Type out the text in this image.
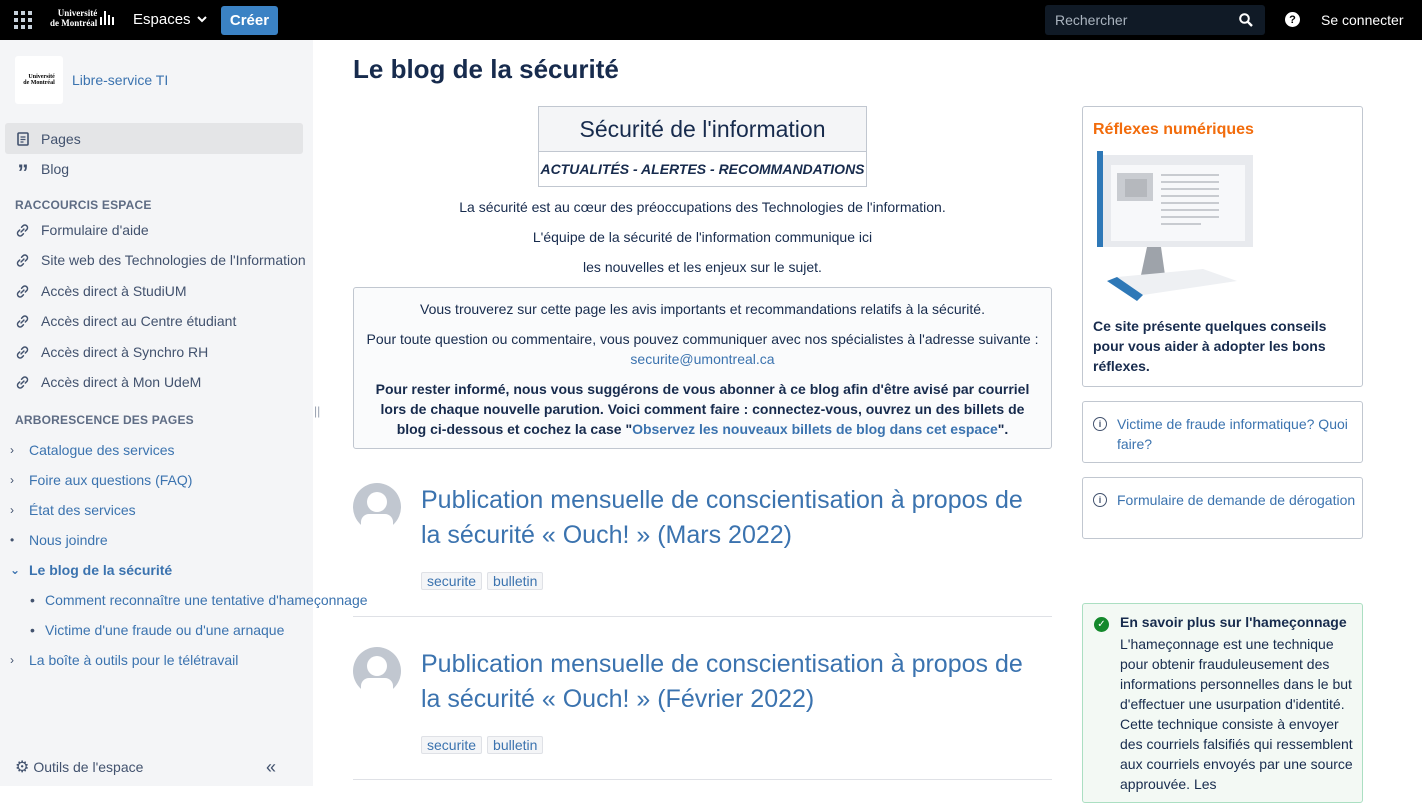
Université
de Montréal Espaces	Créer
Rechercher	? Se connecter
Université
de Montréal Libre-service TI
Pages
” Blog
RACCOURCIS ESPACE
Formulaire d'aide
Site web des Technologies de l'Information
Accès direct à StudiUM
Accès direct au Centre étudiant
Accès direct à Synchro RH
Accès direct à Mon UdeM
ARBORESCENCE DES PAGES
›	Catalogue des services
›	Foire aux questions (FAQ)
›	État des services
•	Nous joindre
⌄ Le blog de la sécurité
• Comment reconnaître une tentative d'hameçonnage
• Victime d'une fraude ou d'une arnaque
›	La boîte à outils pour le télétravail
⚙ Outils de l'espace	«
||
Le blog de la sécurité
Sécurité de l'information
ACTUALITÉS - ALERTES - RECOMMANDATIONS
La sécurité est au cœur des préoccupations des Technologies de l'information.
L'équipe de la sécurité de l'information communique ici
les nouvelles et les enjeux sur le sujet.

Vous trouverez sur cette page les avis importants et recommandations relatifs à la sécurité.

Pour toute question ou commentaire, vous pouvez communiquer avec nos spécialistes à l'adresse suivante : securite@umontreal.ca

Pour rester informé, nous vous suggérons de vous abonner à ce blog afin d'être avisé par courriel lors de chaque nouvelle parution. Voici comment faire : connectez-vous, ouvrez un des billets de blog ci-dessous et cochez la case "Observez les nouveaux billets de blog dans cet espace".

Publication mensuelle de conscientisation à propos de la sécurité « Ouch! » (Mars 2022)
securite	bulletin
Publication mensuelle de conscientisation à propos de la sécurité « Ouch! » (Février 2022)
securite	bulletin
Réflexes numériques
Ce site présente quelques conseils pour vous aider à adopter les bons réflexes.
i	Victime de fraude informatique? Quoi faire?
i	Formulaire de demande de dérogation
✓ En savoir plus sur l'hameçonnage
L'hameçonnage est une technique pour obtenir frauduleusement des informations personnelles dans le but d'effectuer une usurpation d'identité. Cette technique consiste à envoyer des courriels falsifiés qui ressemblent aux courriels envoyés par une source approuvée. Les
